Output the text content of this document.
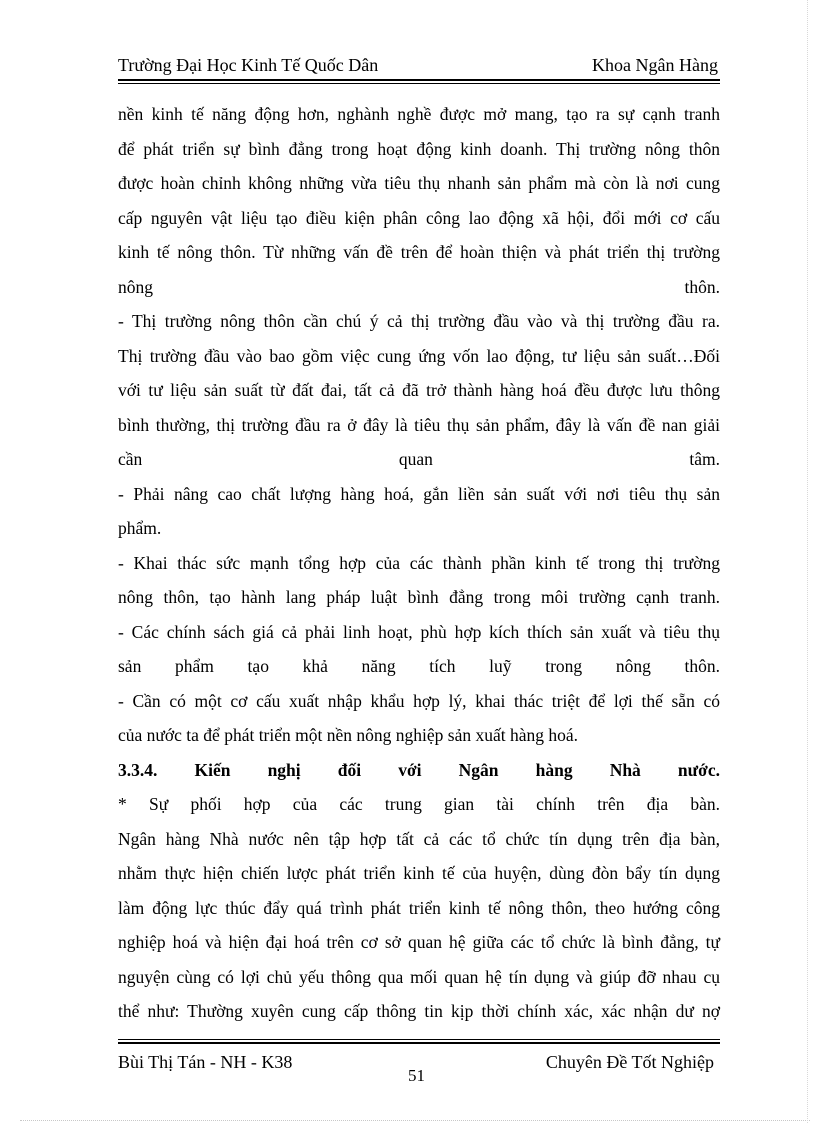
Trường Đại Học Kinh Tế Quốc Dân	Khoa Ngân Hàng
nền kinh tế năng động hơn, nghành nghề được mở mang, tạo ra sự cạnh tranh
để phát triển sự bình đẳng trong hoạt động kinh doanh. Thị trường nông thôn
được hoàn chỉnh không những vừa tiêu thụ nhanh sản phẩm mà còn là nơi cung
cấp nguyên vật liệu tạo điều kiện phân công lao động xã hội, đổi mới cơ cấu
kinh tế nông thôn. Từ những vấn đề trên để hoàn thiện và phát triển thị trường
nông thôn.
- Thị trường nông thôn cần chú ý cả thị trường đầu vào và thị trường đầu ra.
Thị trường đầu vào bao gồm việc cung ứng vốn lao động, tư liệu sản suất…Đối
với tư liệu sản suất từ đất đai, tất cả đã trở thành hàng hoá đều được lưu thông
bình thường, thị trường đầu ra ở đây là tiêu thụ sản phẩm, đây là vấn đề nan giải
cần quan tâm.
- Phải nâng cao chất lượng hàng hoá, gắn liền sản suất với nơi tiêu thụ sản
phẩm.
- Khai thác sức mạnh tổng hợp của các thành phần kinh tế trong thị trường
nông thôn, tạo hành lang pháp luật bình đẳng trong môi trường cạnh tranh.
- Các chính sách giá cả phải linh hoạt, phù hợp kích thích sản xuất và tiêu thụ
sản phẩm tạo khả năng tích luỹ trong nông thôn.
- Cần có một cơ cấu xuất nhập khẩu hợp lý, khai thác triệt để lợi thế sẵn có
của nước ta để phát triển một nền nông nghiệp sản xuất hàng hoá.
3.3.4. Kiến nghị đối với Ngân hàng Nhà nước.
* Sự phối hợp của các trung gian tài chính trên địa bàn.
Ngân hàng Nhà nước nên tập hợp tất cả các tổ chức tín dụng trên địa bàn,
nhằm thực hiện chiến lược phát triển kinh tế của huyện, dùng đòn bẩy tín dụng
làm động lực thúc đẩy quá trình phát triển kinh tế nông thôn, theo hướng công
nghiệp hoá và hiện đại hoá trên cơ sở quan hệ giữa các tổ chức là bình đẳng, tự
nguyện cùng có lợi chủ yếu thông qua mối quan hệ tín dụng và giúp đỡ nhau cụ
thể như: Thường xuyên cung cấp thông tin kịp thời chính xác, xác nhận dư nợ
Bùi Thị Tán - NH - K38
51
Chuyên Đề Tốt Nghiệp
